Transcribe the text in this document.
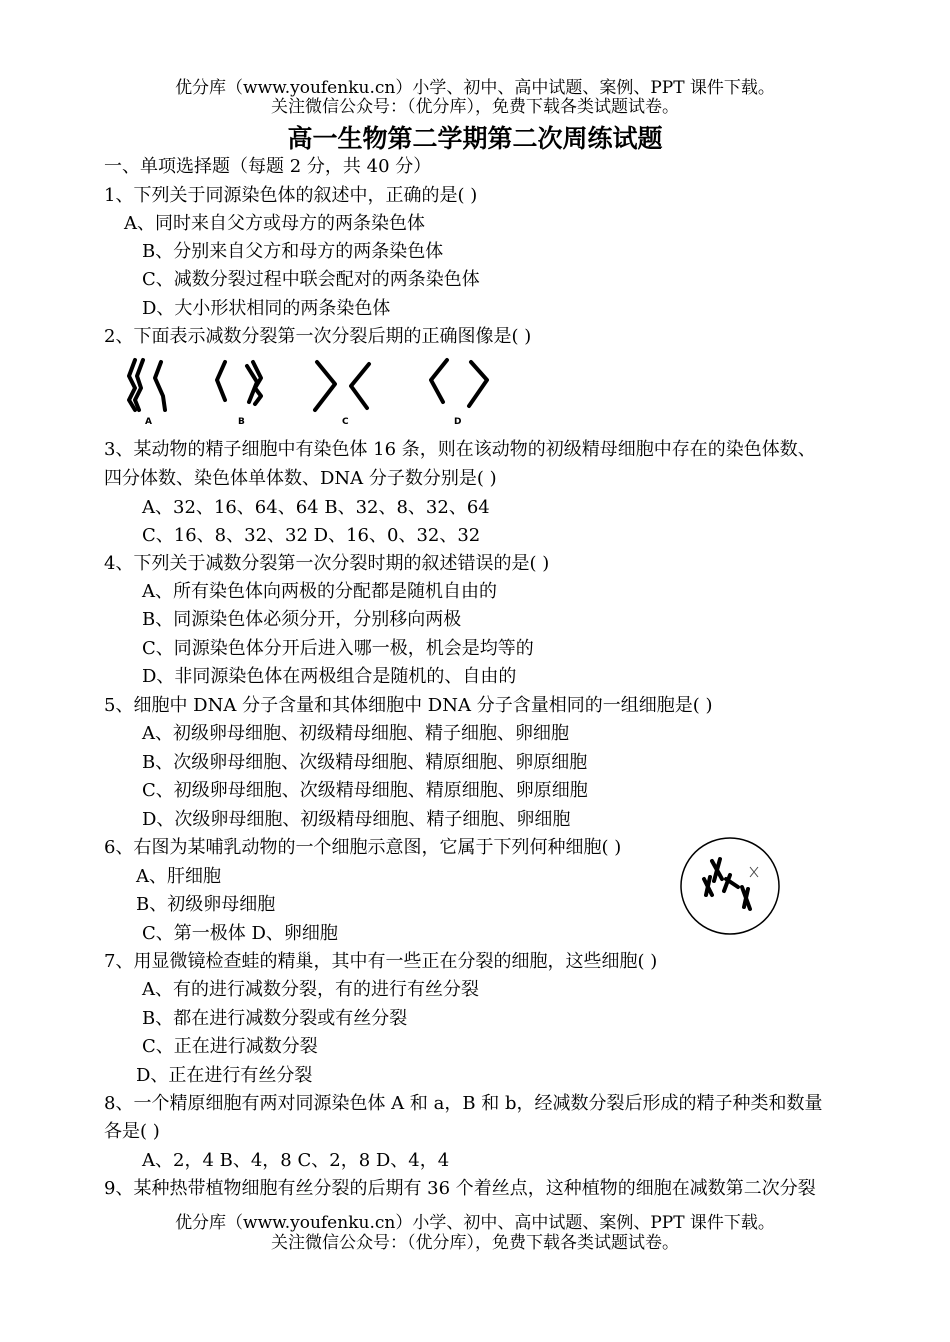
优分库（www.youfenku.cn）小学、初中、高中试题、案例、PPT 课件下载。
关注微信公众号：（优分库），免费下载各类试题试卷。
高一生物第二学期第二次周练试题
一、单项选择题（每题 2 分，共 40 分）
1、下列关于同源染色体的叙述中，正确的是( )
A、同时来自父方或母方的两条染色体
B、分别来自父方和母方的两条染色体
C、减数分裂过程中联会配对的两条染色体
D、大小形状相同的两条染色体
2、下面表示减数分裂第一次分裂后期的正确图像是( )
A	B	C	D
3、某动物的精子细胞中有染色体 16 条，则在该动物的初级精母细胞中存在的染色体数、
四分体数、染色体单体数、DNA 分子数分别是( )
A、32、16、64、64 B、32、8、32、64
C、16、8、32、32 D、16、0、32、32
4、下列关于减数分裂第一次分裂时期的叙述错误的是( )
A、所有染色体向两极的分配都是随机自由的
B、同源染色体必须分开，分别移向两极
C、同源染色体分开后进入哪一极，机会是均等的
D、非同源染色体在两极组合是随机的、自由的
5、细胞中 DNA 分子含量和其体细胞中 DNA 分子含量相同的一组细胞是( )
A、初级卵母细胞、初级精母细胞、精子细胞、卵细胞
B、次级卵母细胞、次级精母细胞、精原细胞、卵原细胞
C、初级卵母细胞、次级精母细胞、精原细胞、卵原细胞
D、次级卵母细胞、初级精母细胞、精子细胞、卵细胞
6、右图为某哺乳动物的一个细胞示意图，它属于下列何种细胞( )
A、肝细胞
B、初级卵母细胞
C、第一极体 D、卵细胞
7、用显微镜检查蛙的精巢，其中有一些正在分裂的细胞，这些细胞( )
A、有的进行减数分裂，有的进行有丝分裂
B、都在进行减数分裂或有丝分裂
C、正在进行减数分裂
D、正在进行有丝分裂
8、一个精原细胞有两对同源染色体 A 和 a，B 和 b，经减数分裂后形成的精子种类和数量
各是( )
A、2，4 B、4，8 C、2，8 D、4，4
9、某种热带植物细胞有丝分裂的后期有 36 个着丝点，这种植物的细胞在减数第二次分裂
优分库（www.youfenku.cn）小学、初中、高中试题、案例、PPT 课件下载。
关注微信公众号：（优分库），免费下载各类试题试卷。
